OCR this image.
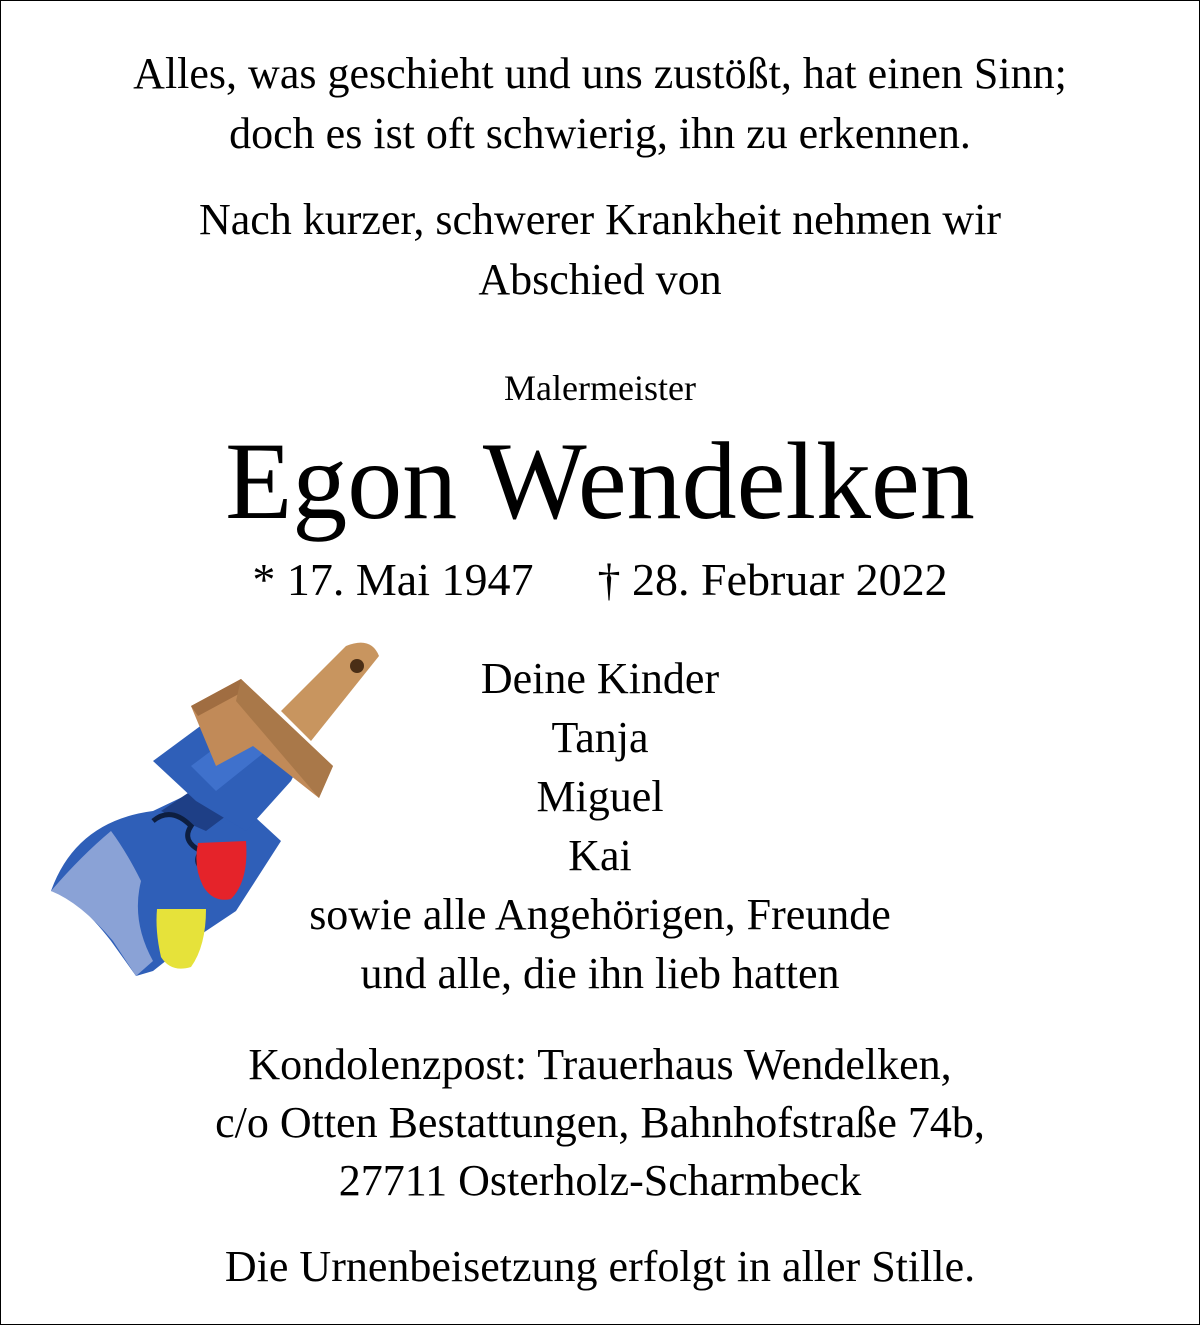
Alles, was geschieht und uns zustößt, hat einen Sinn;
doch es ist oft schwierig, ihn zu erkennen.
Nach kurzer, schwerer Krankheit nehmen wir
Abschied von
Malermeister
Egon Wendelken
* 17. Mai 1947 † 28. Februar 2022
Deine Kinder
Tanja
Miguel
Kai
sowie alle Angehörigen, Freunde
und alle, die ihn lieb hatten
Kondolenzpost: Trauerhaus Wendelken,
c/o Otten Bestattungen, Bahnhofstraße 74b,
27711 Osterholz-Scharmbeck
Die Urnenbeisetzung erfolgt in aller Stille.
